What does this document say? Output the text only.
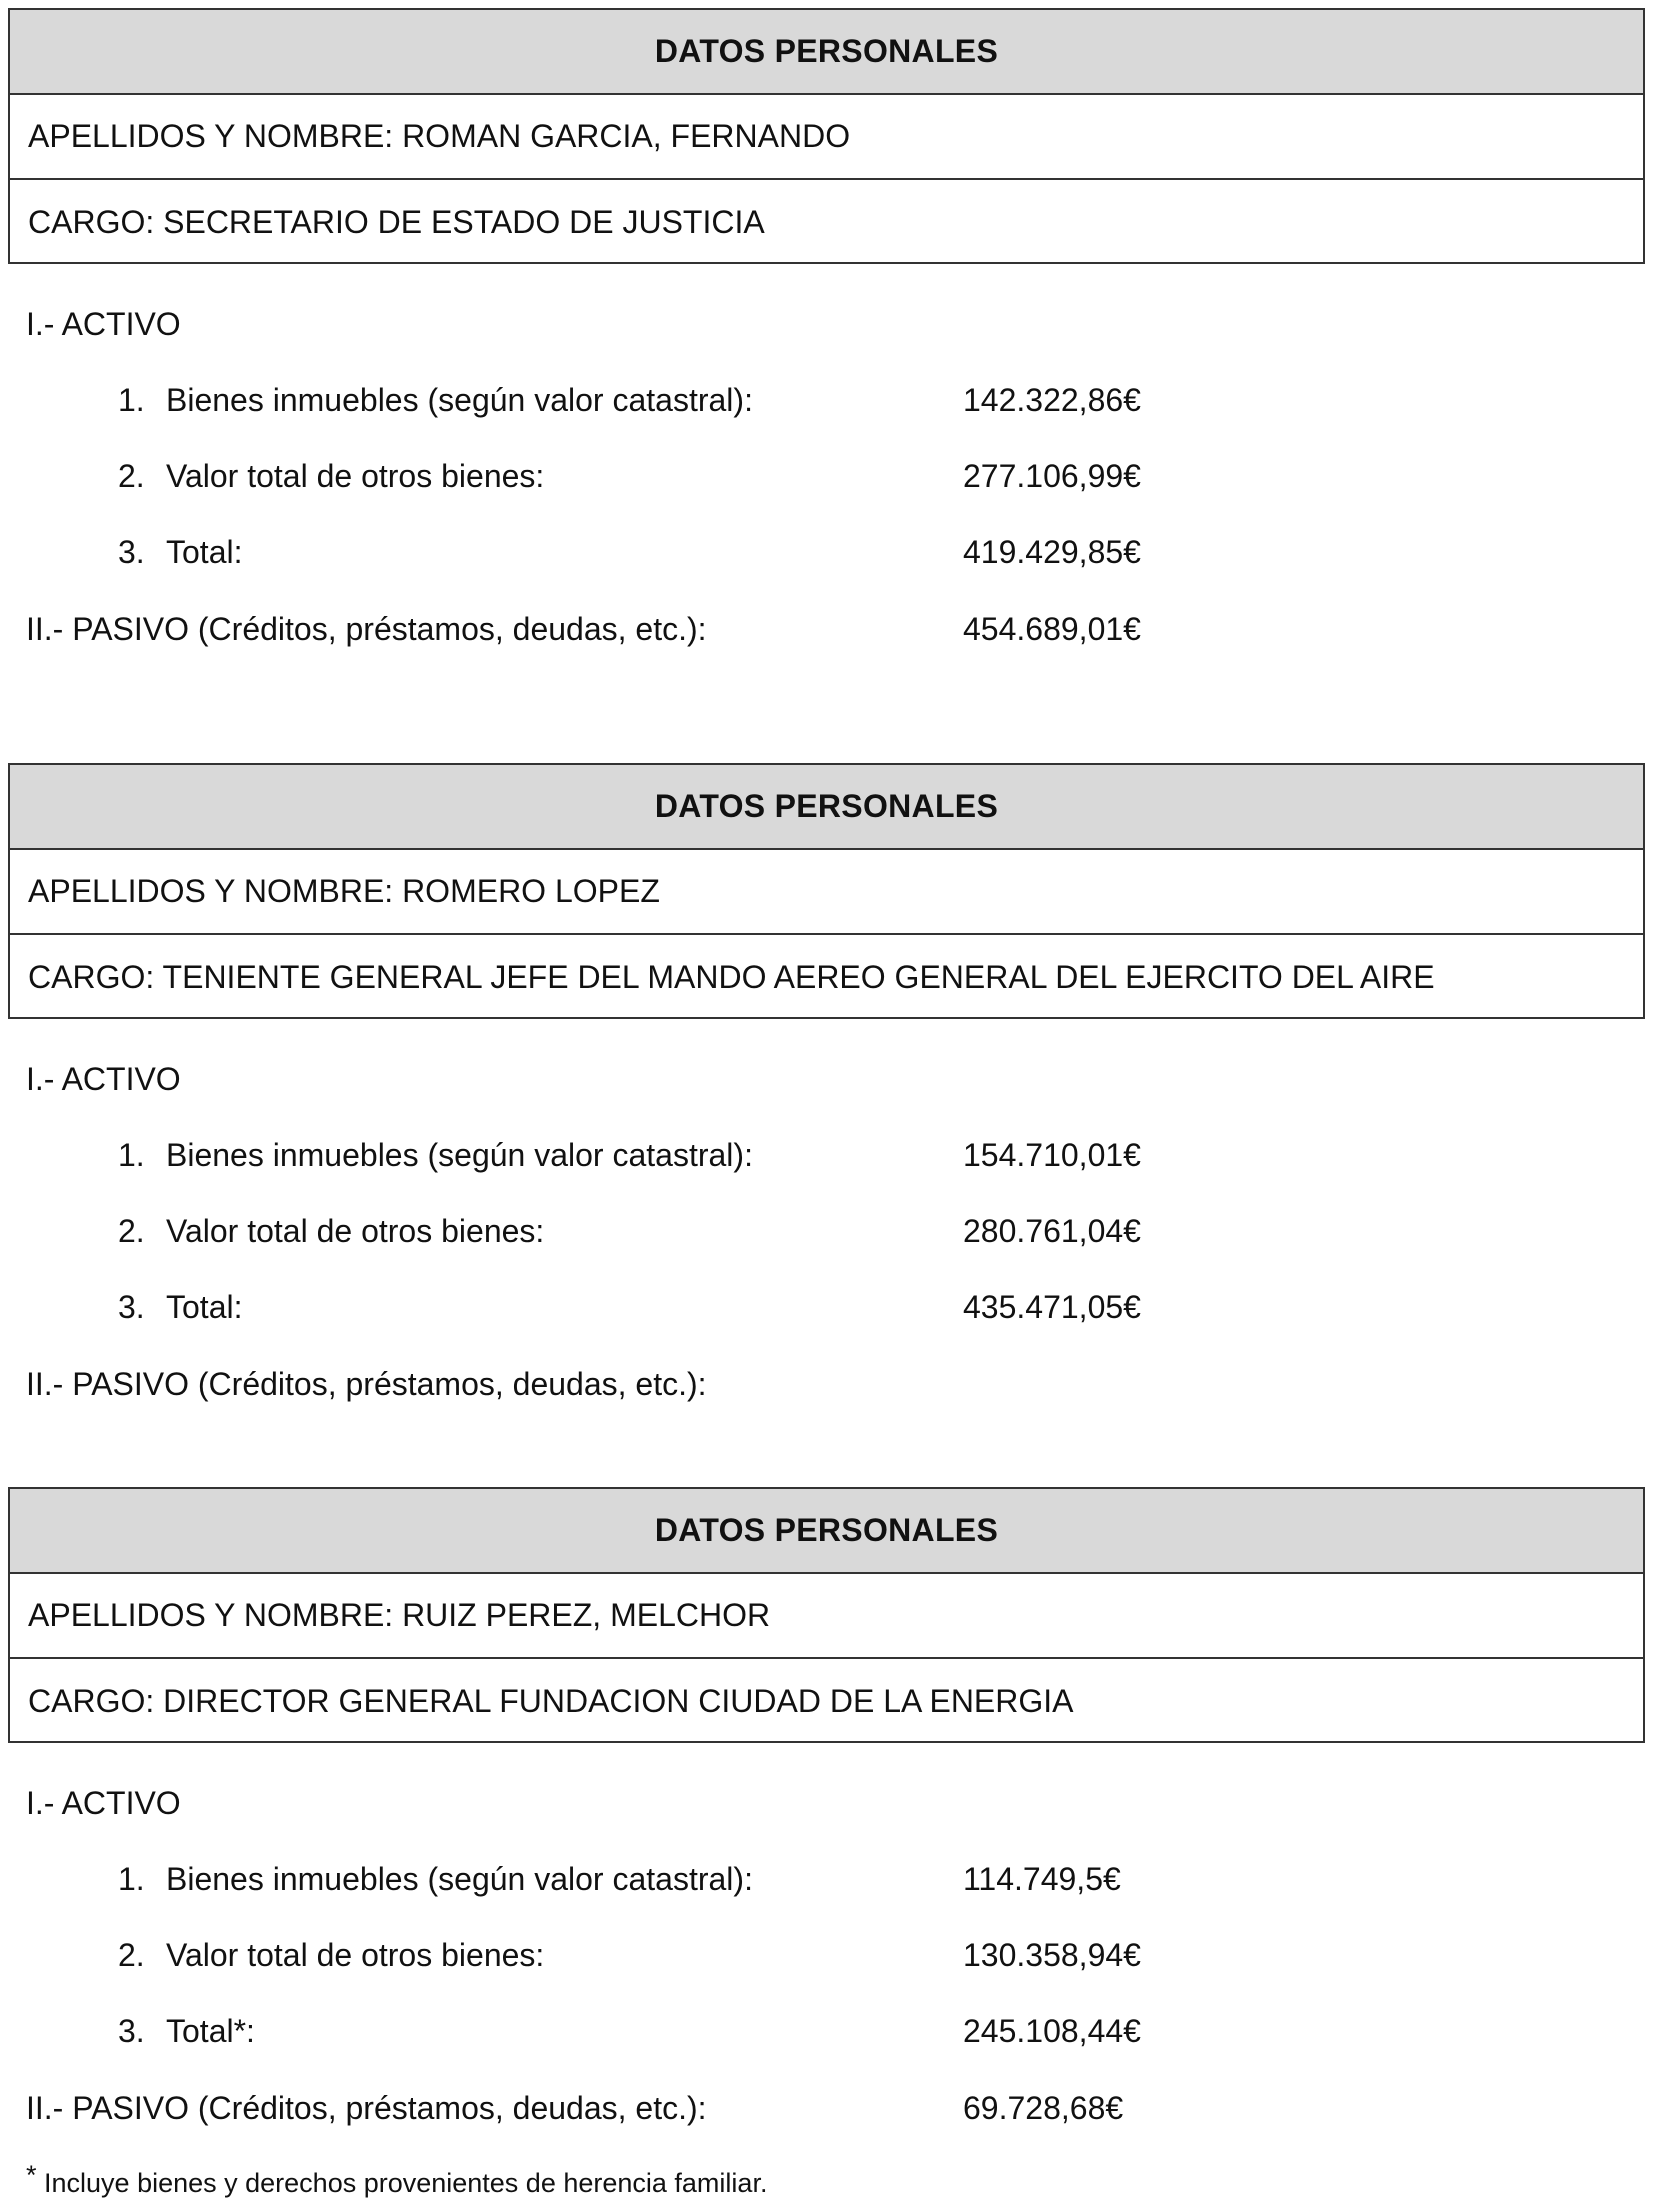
DATOS PERSONALES
APELLIDOS Y NOMBRE: ROMAN GARCIA, FERNANDO
CARGO: SECRETARIO DE ESTADO DE JUSTICIA
I.- ACTIVO
1. Bienes inmuebles (según valor catastral):	142.322,86€
2. Valor total de otros bienes:	277.106,99€
3. Total:	419.429,85€
II.- PASIVO (Créditos, préstamos, deudas, etc.):	454.689,01€
DATOS PERSONALES
APELLIDOS Y NOMBRE: ROMERO LOPEZ
CARGO: TENIENTE GENERAL JEFE DEL MANDO AEREO GENERAL DEL EJERCITO DEL AIRE
I.- ACTIVO
1. Bienes inmuebles (según valor catastral):	154.710,01€
2. Valor total de otros bienes:	280.761,04€
3. Total:	435.471,05€
II.- PASIVO (Créditos, préstamos, deudas, etc.):
DATOS PERSONALES
APELLIDOS Y NOMBRE: RUIZ PEREZ, MELCHOR
CARGO: DIRECTOR GENERAL FUNDACION CIUDAD DE LA ENERGIA
I.- ACTIVO
1. Bienes inmuebles (según valor catastral):	114.749,5€
2. Valor total de otros bienes:	130.358,94€
3. Total*:	245.108,44€
II.- PASIVO (Créditos, préstamos, deudas, etc.):	69.728,68€
* Incluye bienes y derechos provenientes de herencia familiar.
